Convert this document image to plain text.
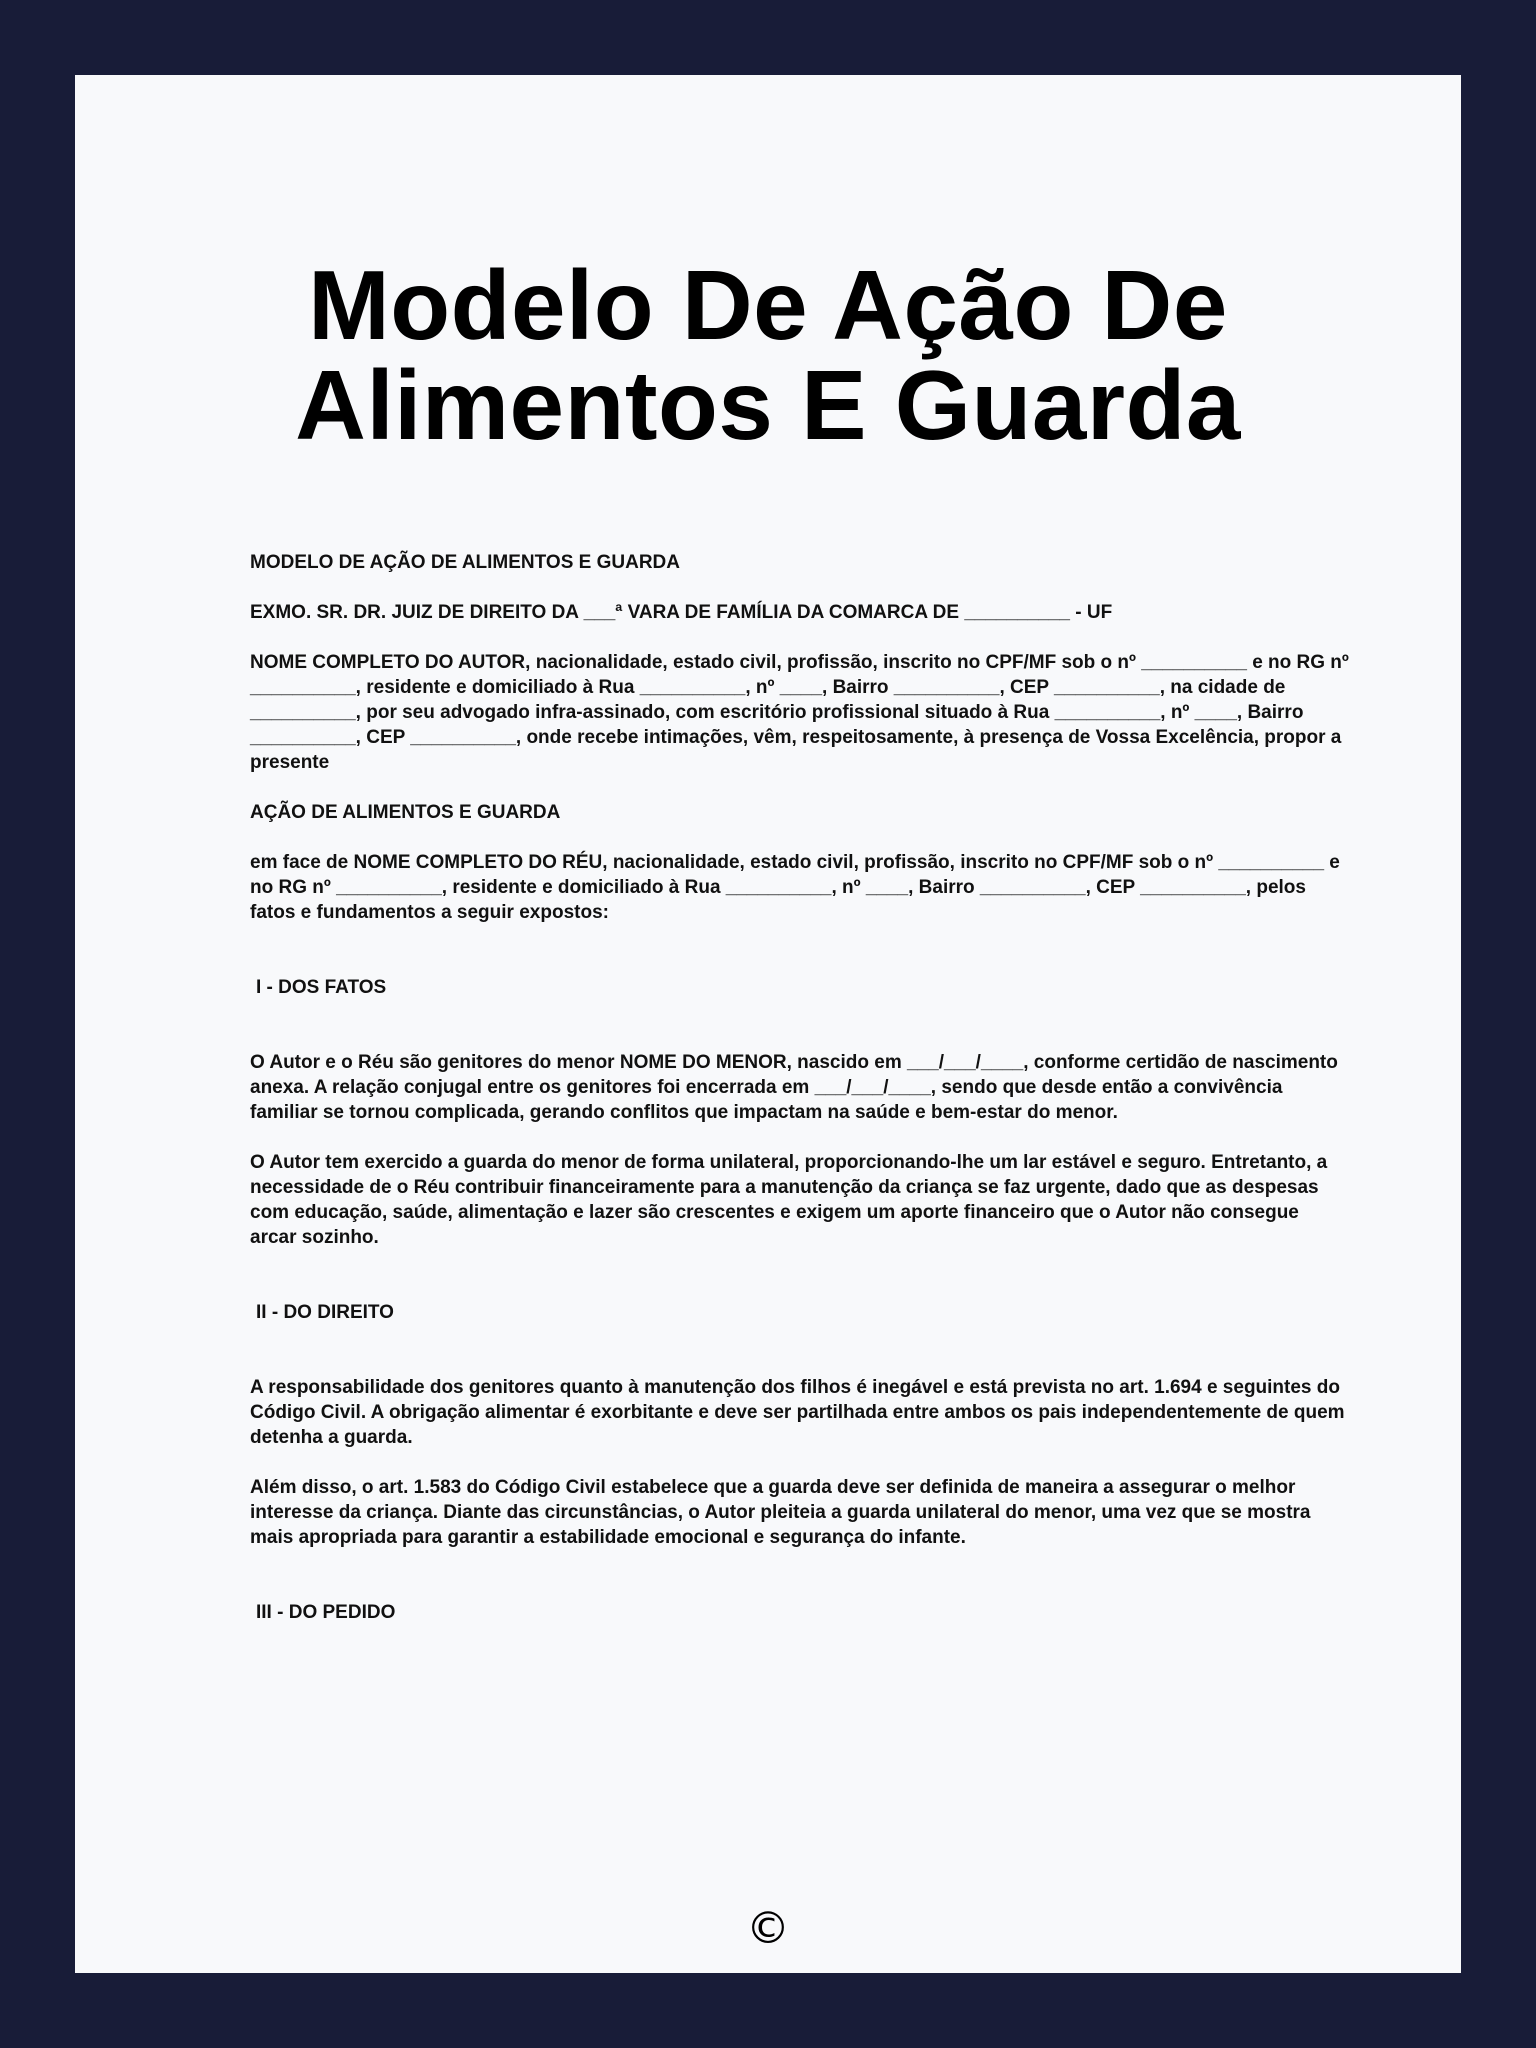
Modelo De Ação De Alimentos E Guarda

MODELO DE AÇÃO DE ALIMENTOS E GUARDA

EXMO. SR. DR. JUIZ DE DIREITO DA ___ª VARA DE FAMÍLIA DA COMARCA DE __________ - UF

NOME COMPLETO DO AUTOR, nacionalidade, estado civil, profissão, inscrito no CPF/MF sob o nº __________ e no RG nº __________, residente e domiciliado à Rua __________, nº ____, Bairro __________, CEP __________, na cidade de __________, por seu advogado infra-assinado, com escritório profissional situado à Rua __________, nº ____, Bairro __________, CEP __________, onde recebe intimações, vêm, respeitosamente, à presença de Vossa Excelência, propor a presente

AÇÃO DE ALIMENTOS E GUARDA

em face de NOME COMPLETO DO RÉU, nacionalidade, estado civil, profissão, inscrito no CPF/MF sob o nº __________ e no RG nº __________, residente e domiciliado à Rua __________, nº ____, Bairro __________, CEP __________, pelos fatos e fundamentos a seguir expostos:

I - DOS FATOS

O Autor e o Réu são genitores do menor NOME DO MENOR, nascido em ___/___/____, conforme certidão de nascimento anexa. A relação conjugal entre os genitores foi encerrada em ___/___/____, sendo que desde então a convivência familiar se tornou complicada, gerando conflitos que impactam na saúde e bem-estar do menor.

O Autor tem exercido a guarda do menor de forma unilateral, proporcionando-lhe um lar estável e seguro. Entretanto, a necessidade de o Réu contribuir financeiramente para a manutenção da criança se faz urgente, dado que as despesas com educação, saúde, alimentação e lazer são crescentes e exigem um aporte financeiro que o Autor não consegue arcar sozinho.

II - DO DIREITO

A responsabilidade dos genitores quanto à manutenção dos filhos é inegável e está prevista no art. 1.694 e seguintes do Código Civil. A obrigação alimentar é exorbitante e deve ser partilhada entre ambos os pais independentemente de quem detenha a guarda.

Além disso, o art. 1.583 do Código Civil estabelece que a guarda deve ser definida de maneira a assegurar o melhor interesse da criança. Diante das circunstâncias, o Autor pleiteia a guarda unilateral do menor, uma vez que se mostra mais apropriada para garantir a estabilidade emocional e segurança do infante.

III - DO PEDIDO

©
